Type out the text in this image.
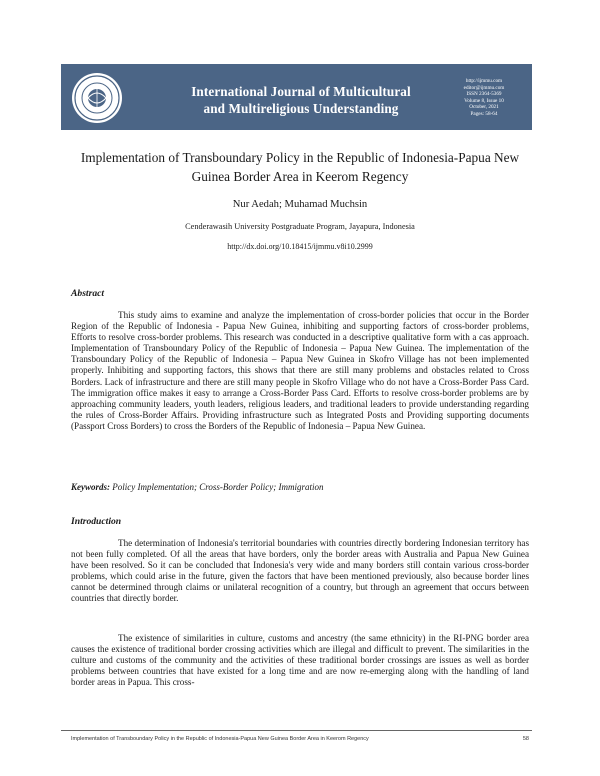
International Journal of Multicultural and Multireligious Understanding
http://ijmmu.com
editor@ijmmu.com
ISSN 2364-5369
Volume 8, Issue 10
October, 2021
Pages: 58-64
Implementation of Transboundary Policy in the Republic of Indonesia-Papua New Guinea Border Area in Keerom Regency
Nur Aedah; Muhamad Muchsin
Cenderawasih University Postgraduate Program, Jayapura, Indonesia
http://dx.doi.org/10.18415/ijmmu.v8i10.2999
Abstract
This study aims to examine and analyze the implementation of cross-border policies that occur in the Border Region of the Republic of Indonesia - Papua New Guinea, inhibiting and supporting factors of cross-border problems, Efforts to resolve cross-border problems. This research was conducted in a descriptive qualitative form with a cas approach. Implementation of Transboundary Policy of the Republic of Indonesia – Papua New Guinea. The implementation of the Transboundary Policy of the Republic of Indonesia – Papua New Guinea in Skofro Village has not been implemented properly. Inhibiting and supporting factors, this shows that there are still many problems and obstacles related to Cross Borders. Lack of infrastructure and there are still many people in Skofro Village who do not have a Cross-Border Pass Card. The immigration office makes it easy to arrange a Cross-Border Pass Card. Efforts to resolve cross-border problems are by approaching community leaders, youth leaders, religious leaders, and traditional leaders to provide understanding regarding the rules of Cross-Border Affairs. Providing infrastructure such as Integrated Posts and Providing supporting documents (Passport Cross Borders) to cross the Borders of the Republic of Indonesia – Papua New Guinea.
Keywords: Policy Implementation; Cross-Border Policy; Immigration
Introduction
The determination of Indonesia's territorial boundaries with countries directly bordering Indonesian territory has not been fully completed. Of all the areas that have borders, only the border areas with Australia and Papua New Guinea have been resolved. So it can be concluded that Indonesia's very wide and many borders still contain various cross-border problems, which could arise in the future, given the factors that have been mentioned previously, also because border lines cannot be determined through claims or unilateral recognition of a country, but through an agreement that occurs between countries that directly border.
The existence of similarities in culture, customs and ancestry (the same ethnicity) in the RI-PNG border area causes the existence of traditional border crossing activities which are illegal and difficult to prevent. The similarities in the culture and customs of the community and the activities of these traditional border crossings are issues as well as border problems between countries that have existed for a long time and are now re-emerging along with the handling of land border areas in Papua. This cross-
Implementation of Transboundary Policy in the Republic of Indonesia-Papua New Guinea Border Area in Keerom Regency	58
